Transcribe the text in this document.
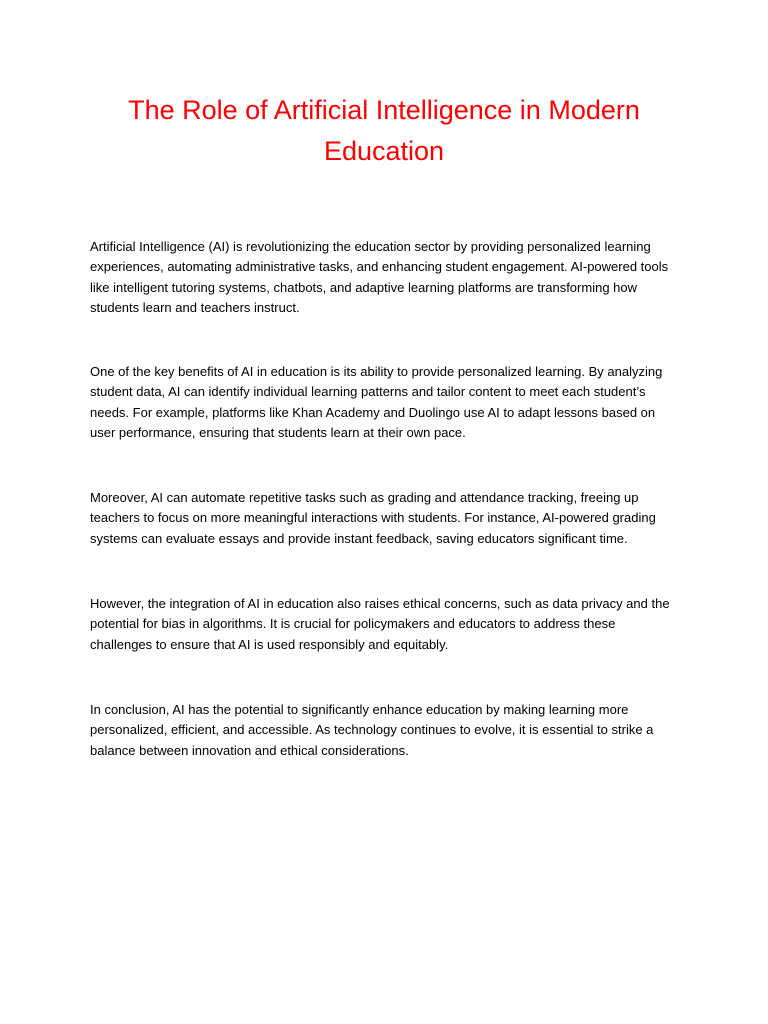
The Role of Artificial Intelligence in Modern Education

Artificial Intelligence (AI) is revolutionizing the education sector by providing personalized learning experiences, automating administrative tasks, and enhancing student engagement. AI-powered tools like intelligent tutoring systems, chatbots, and adaptive learning platforms are transforming how students learn and teachers instruct.

One of the key benefits of AI in education is its ability to provide personalized learning. By analyzing student data, AI can identify individual learning patterns and tailor content to meet each student’s needs. For example, platforms like Khan Academy and Duolingo use AI to adapt lessons based on user performance, ensuring that students learn at their own pace.

Moreover, AI can automate repetitive tasks such as grading and attendance tracking, freeing up teachers to focus on more meaningful interactions with students. For instance, AI-powered grading systems can evaluate essays and provide instant feedback, saving educators significant time.

However, the integration of AI in education also raises ethical concerns, such as data privacy and the potential for bias in algorithms. It is crucial for policymakers and educators to address these challenges to ensure that AI is used responsibly and equitably.

In conclusion, AI has the potential to significantly enhance education by making learning more personalized, efficient, and accessible. As technology continues to evolve, it is essential to strike a balance between innovation and ethical considerations.
